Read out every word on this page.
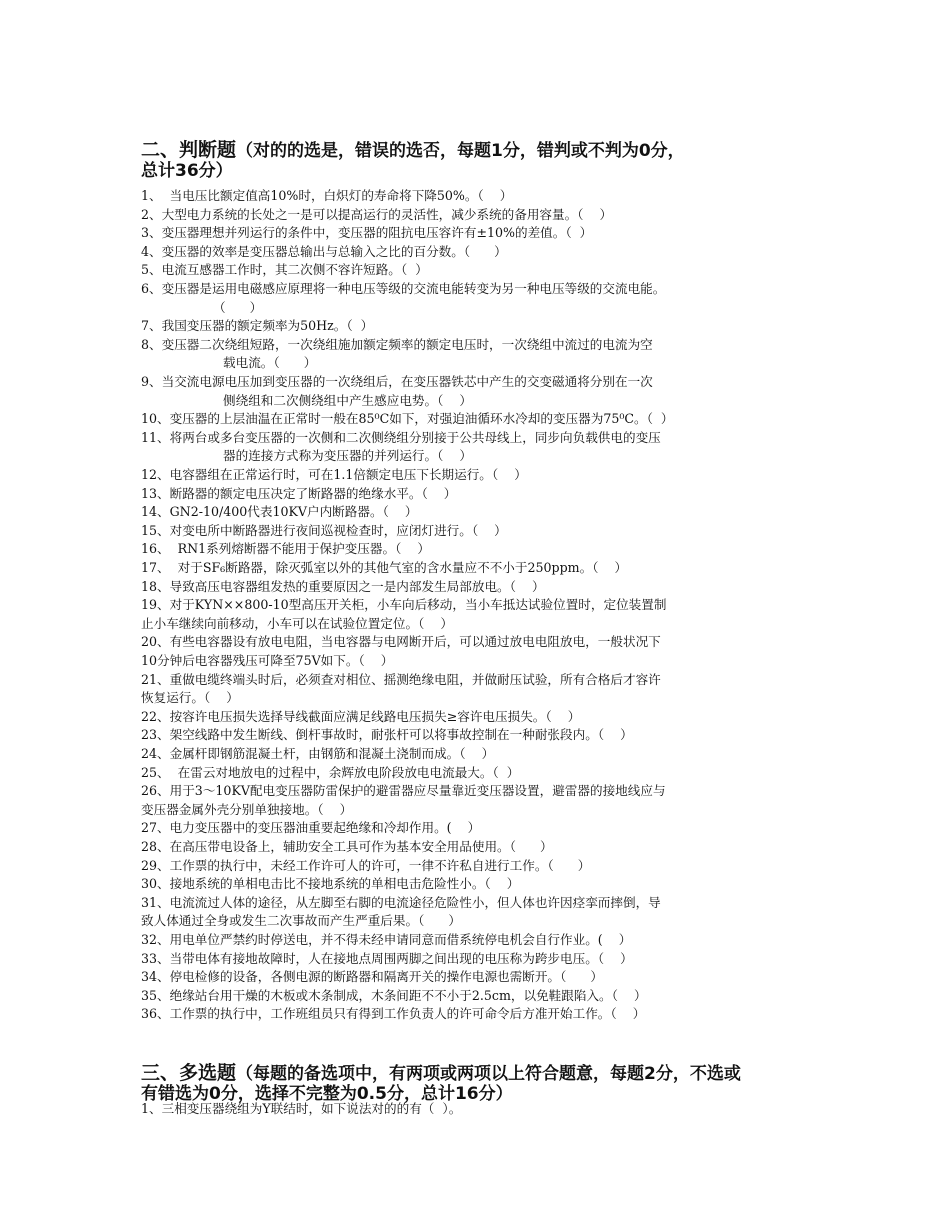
二、判断题（对的的选是，错误的选否，每题1分，错判或不判为0分，
总计36分）
1、  当电压比额定值高10%时，白炽灯的寿命将下降50%。（    ）
2、大型电力系统的长处之一是可以提高运行的灵活性，减少系统的备用容量。（    ）
3、变压器理想并列运行的条件中，变压器的阻抗电压容许有±10%的差值。（  ）
4、变压器的效率是变压器总输出与总输入之比的百分数。（      ）
5、电流互感器工作时，其二次侧不容许短路。（  ）
6、变压器是运用电磁感应原理将一种电压等级的交流电能转变为另一种电压等级的交流电能。
（      ）
7、我国变压器的额定频率为50Hz。（  ）
8、变压器二次绕组短路，一次绕组施加额定频率的额定电压时，一次绕组中流过的电流为空
载电流。（      ）
9、当交流电源电压加到变压器的一次绕组后，在变压器铁芯中产生的交变磁通将分别在一次
侧绕组和二次侧绕组中产生感应电势。（    ）
10、变压器的上层油温在正常时一般在85⁰C如下，对强迫油循环水冷却的变压器为75⁰C。（  ）
11、将两台或多台变压器的一次侧和二次侧绕组分别接于公共母线上，同步向负载供电的变压
器的连接方式称为变压器的并列运行。（    ）
12、电容器组在正常运行时，可在1.1倍额定电压下长期运行。（    ）
13、断路器的额定电压决定了断路器的绝缘水平。（    ）
14、GN2-10/400代表10KV户内断路器。（    ）
15、对变电所中断路器进行夜间巡视检查时，应闭灯进行。（    ）
16、  RN1系列熔断器不能用于保护变压器。（    ）
17、  对于SF₆断路器，除灭弧室以外的其他气室的含水量应不不小于250ppm。（    ）
18、导致高压电容器组发热的重要原因之一是内部发生局部放电。（    ）
19、对于KYN××800-10型高压开关柜，小车向后移动，当小车抵达试验位置时，定位装置制
止小车继续向前移动，小车可以在试验位置定位。（    ）
20、有些电容器设有放电电阻，当电容器与电网断开后，可以通过放电电阻放电，一般状况下
10分钟后电容器残压可降至75V如下。（    ）
21、重做电缆终端头时后，必须查对相位、摇测绝缘电阻，并做耐压试验，所有合格后才容许
恢复运行。（    ）
22、按容许电压损失选择导线截面应满足线路电压损失≥容许电压损失。（    ）
23、架空线路中发生断线、倒杆事故时，耐张杆可以将事故控制在一种耐张段内。（    ）
24、金属杆即钢筋混凝土杆，由钢筋和混凝土浇制而成。（    ）
25、  在雷云对地放电的过程中，余辉放电阶段放电电流最大。（  ）
26、用于3～10KV配电变压器防雷保护的避雷器应尽量靠近变压器设置，避雷器的接地线应与
变压器金属外壳分别单独接地。（    ）
27、电力变压器中的变压器油重要起绝缘和冷却作用。(    ）
28、在高压带电设备上，辅助安全工具可作为基本安全用品使用。（      ）
29、工作票的执行中，未经工作许可人的许可，一律不许私自进行工作。（      ）
30、接地系统的单相电击比不接地系统的单相电击危险性小。（    ）
31、电流流过人体的途径，从左脚至右脚的电流途径危险性小，但人体也许因痉挛而摔倒，导
致人体通过全身或发生二次事故而产生严重后果。（      ）
32、用电单位严禁约时停送电，并不得未经申请同意而借系统停电机会自行作业。(    ）
33、当带电体有接地故障时，人在接地点周围两脚之间出现的电压称为跨步电压。（    ）
34、停电检修的设备，各侧电源的断路器和隔离开关的操作电源也需断开。（      ）
35、绝缘站台用干燥的木板或木条制成，木条间距不不小于2.5cm，以免鞋跟陷入。（    ）
36、工作票的执行中，工作班组员只有得到工作负责人的许可命令后方准开始工作。（    ）
三、多选题（每题的备选项中，有两项或两项以上符合题意，每题2分，不选或
有错选为0分，选择不完整为0.5分，总计16分）
1、三相变压器绕组为Y联结时，如下说法对的的有（  ）。
